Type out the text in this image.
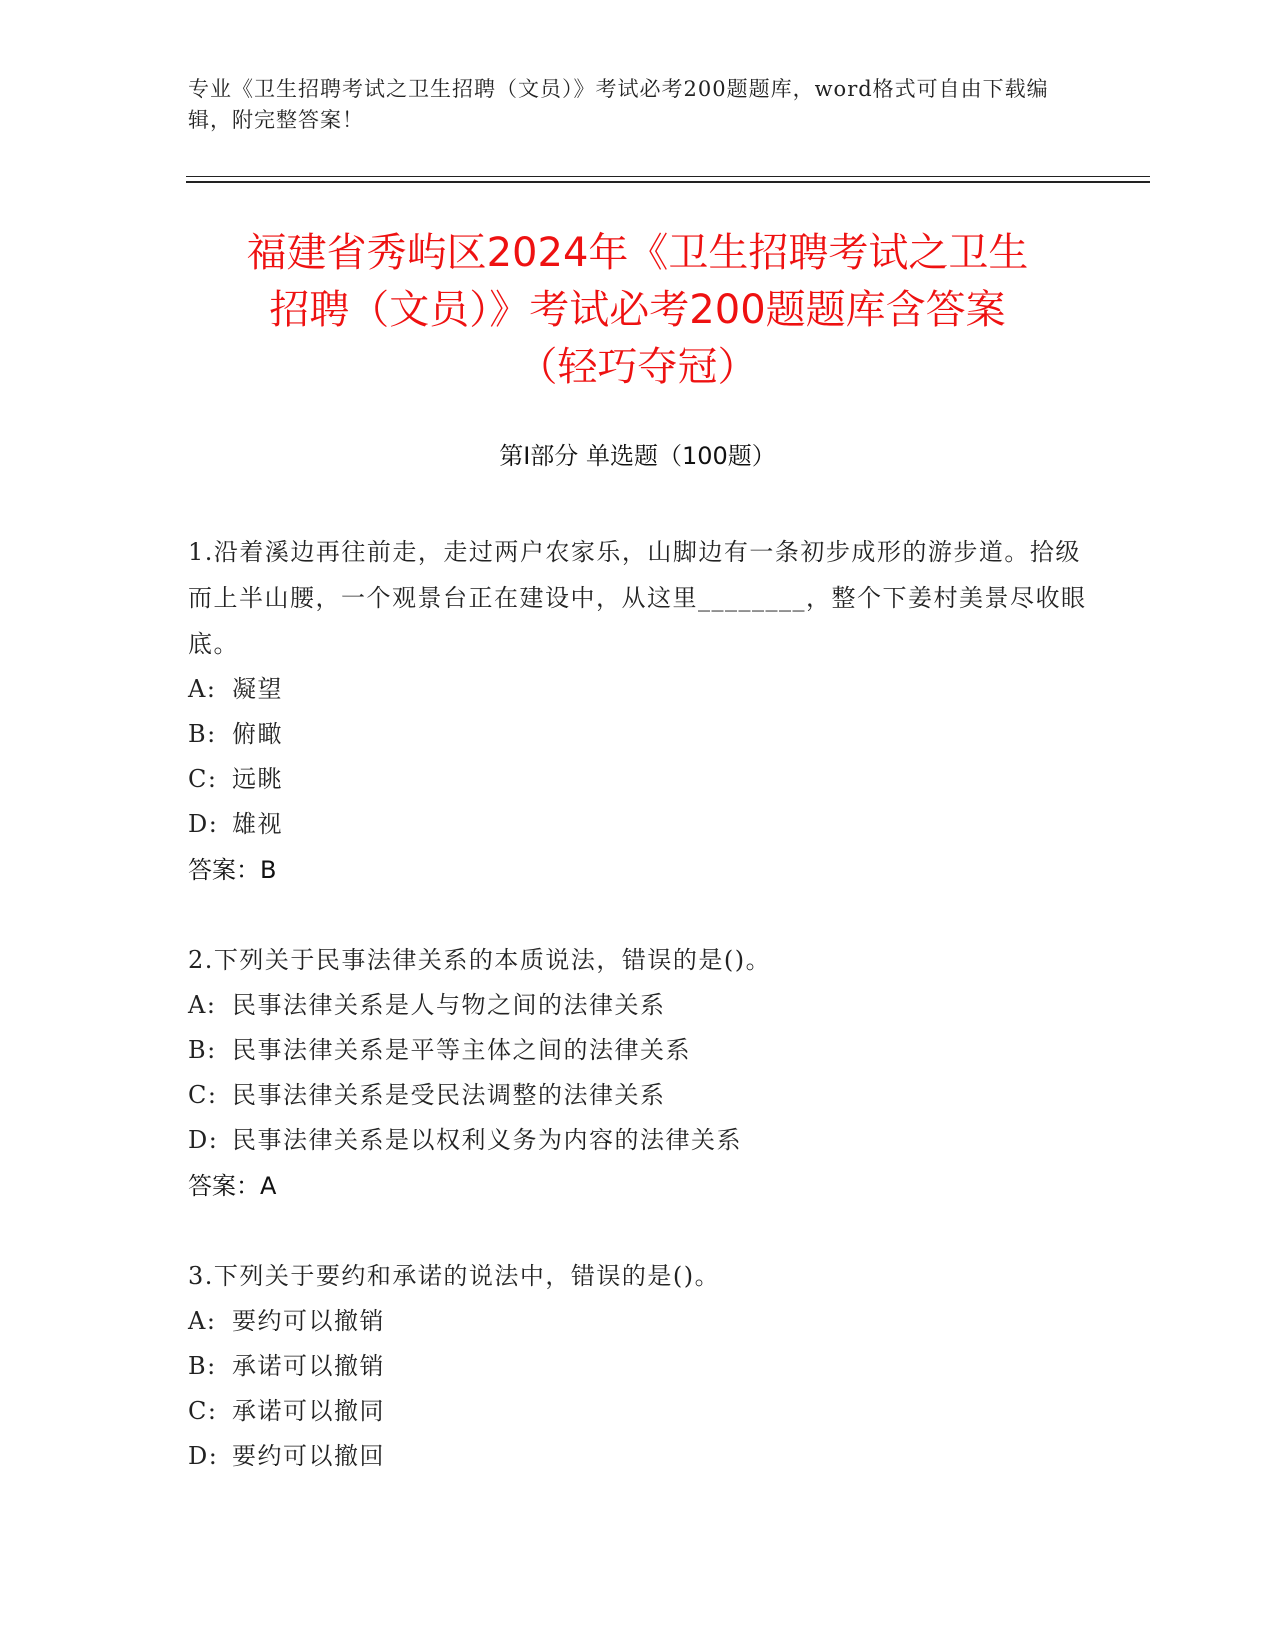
专业《卫生招聘考试之卫生招聘（文员）》考试必考200题题库，word格式可自由下载编辑，附完整答案！
福建省秀屿区2024年《卫生招聘考试之卫生
招聘（文员）》考试必考200题题库含答案
（轻巧夺冠）
第I部分 单选题（100题）
1.沿着溪边再往前走，走过两户农家乐，山脚边有一条初步成形的游步道。拾级而上半山腰，一个观景台正在建设中，从这里________，整个下姜村美景尽收眼底。
A: 凝望
B: 俯瞰
C: 远眺
D: 雄视
答案：B
2.下列关于民事法律关系的本质说法，错误的是()。
A: 民事法律关系是人与物之间的法律关系
B: 民事法律关系是平等主体之间的法律关系
C: 民事法律关系是受民法调整的法律关系
D: 民事法律关系是以权利义务为内容的法律关系
答案：A
3.下列关于要约和承诺的说法中，错误的是()。
A: 要约可以撤销
B: 承诺可以撤销
C: 承诺可以撤同
D: 要约可以撤回
